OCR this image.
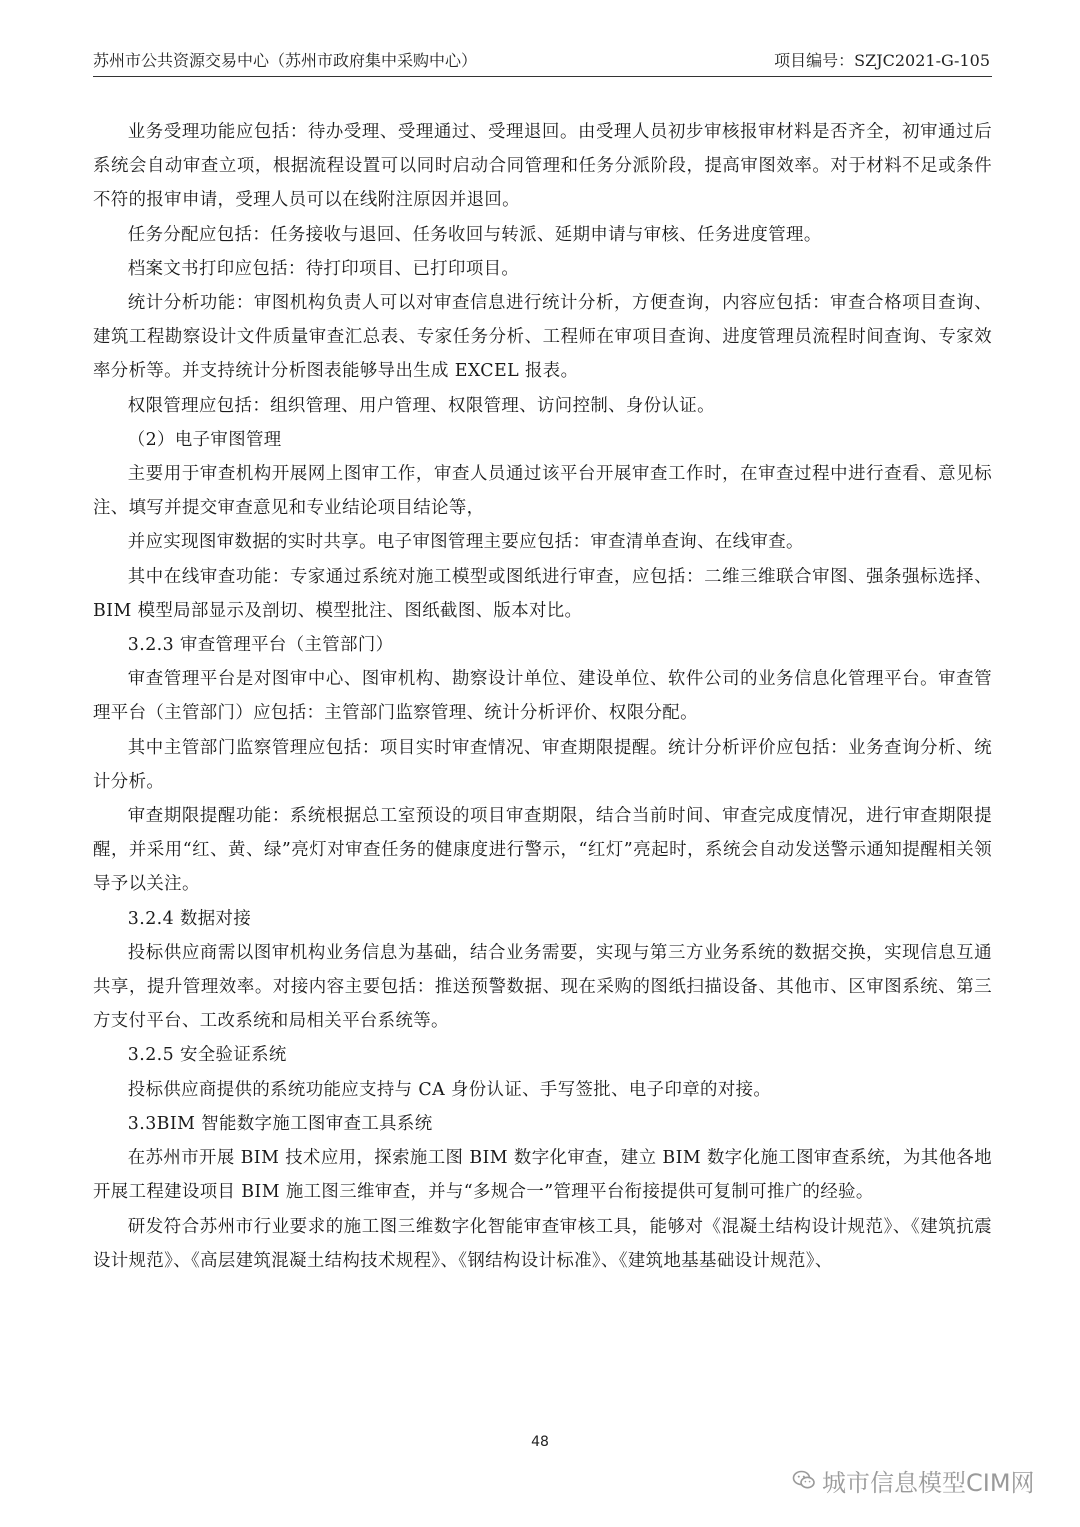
苏州市公共资源交易中心（苏州市政府集中采购中心）	项目编号：SZJC2021-G-105

业务受理功能应包括：待办受理、受理通过、受理退回。由受理人员初步审核报审材料是否齐全，初审通过后系统会自动审查立项，根据流程设置可以同时启动合同管理和任务分派阶段，提高审图效率。对于材料不足或条件不符的报审申请，受理人员可以在线附注原因并退回。

任务分配应包括：任务接收与退回、任务收回与转派、延期申请与审核、任务进度管理。

档案文书打印应包括：待打印项目、已打印项目。

统计分析功能：审图机构负责人可以对审查信息进行统计分析，方便查询，内容应包括：审查合格项目查询、建筑工程勘察设计文件质量审查汇总表、专家任务分析、工程师在审项目查询、进度管理员流程时间查询、专家效率分析等。并支持统计分析图表能够导出生成 EXCEL 报表。

权限管理应包括：组织管理、用户管理、权限管理、访问控制、身份认证。

（2）电子审图管理

主要用于审查机构开展网上图审工作，审查人员通过该平台开展审查工作时，在审查过程中进行查看、意见标注、填写并提交审查意见和专业结论项目结论等，

并应实现图审数据的实时共享。电子审图管理主要应包括：审查清单查询、在线审查。

其中在线审查功能：专家通过系统对施工模型或图纸进行审查，应包括：二维三维联合审图、强条强标选择、BIM 模型局部显示及剖切、模型批注、图纸截图、版本对比。

3.2.3 审查管理平台（主管部门）

审查管理平台是对图审中心、图审机构、勘察设计单位、建设单位、软件公司的业务信息化管理平台。审查管理平台（主管部门）应包括：主管部门监察管理、统计分析评价、权限分配。

其中主管部门监察管理应包括：项目实时审查情况、审查期限提醒。统计分析评价应包括：业务查询分析、统计分析。

审查期限提醒功能：系统根据总工室预设的项目审查期限，结合当前时间、审查完成度情况，进行审查期限提醒，并采用“红、黄、绿”亮灯对审查任务的健康度进行警示，“红灯”亮起时，系统会自动发送警示通知提醒相关领导予以关注。

3.2.4 数据对接

投标供应商需以图审机构业务信息为基础，结合业务需要，实现与第三方业务系统的数据交换，实现信息互通共享，提升管理效率。对接内容主要包括：推送预警数据、现在采购的图纸扫描设备、其他市、区审图系统、第三方支付平台、工改系统和局相关平台系统等。

3.2.5 安全验证系统

投标供应商提供的系统功能应支持与 CA 身份认证、手写签批、电子印章的对接。

3.3BIM 智能数字施工图审查工具系统

在苏州市开展 BIM 技术应用，探索施工图 BIM 数字化审查，建立 BIM 数字化施工图审查系统，为其他各地开展工程建设项目 BIM 施工图三维审查，并与“多规合一”管理平台衔接提供可复制可推广的经验。

研发符合苏州市行业要求的施工图三维数字化智能审查审核工具，能够对《混凝土结构设计规范》、《建筑抗震设计规范》、《高层建筑混凝土结构技术规程》、《钢结构设计标准》、《建筑地基基础设计规范》、

48
城市信息模型CIM网
